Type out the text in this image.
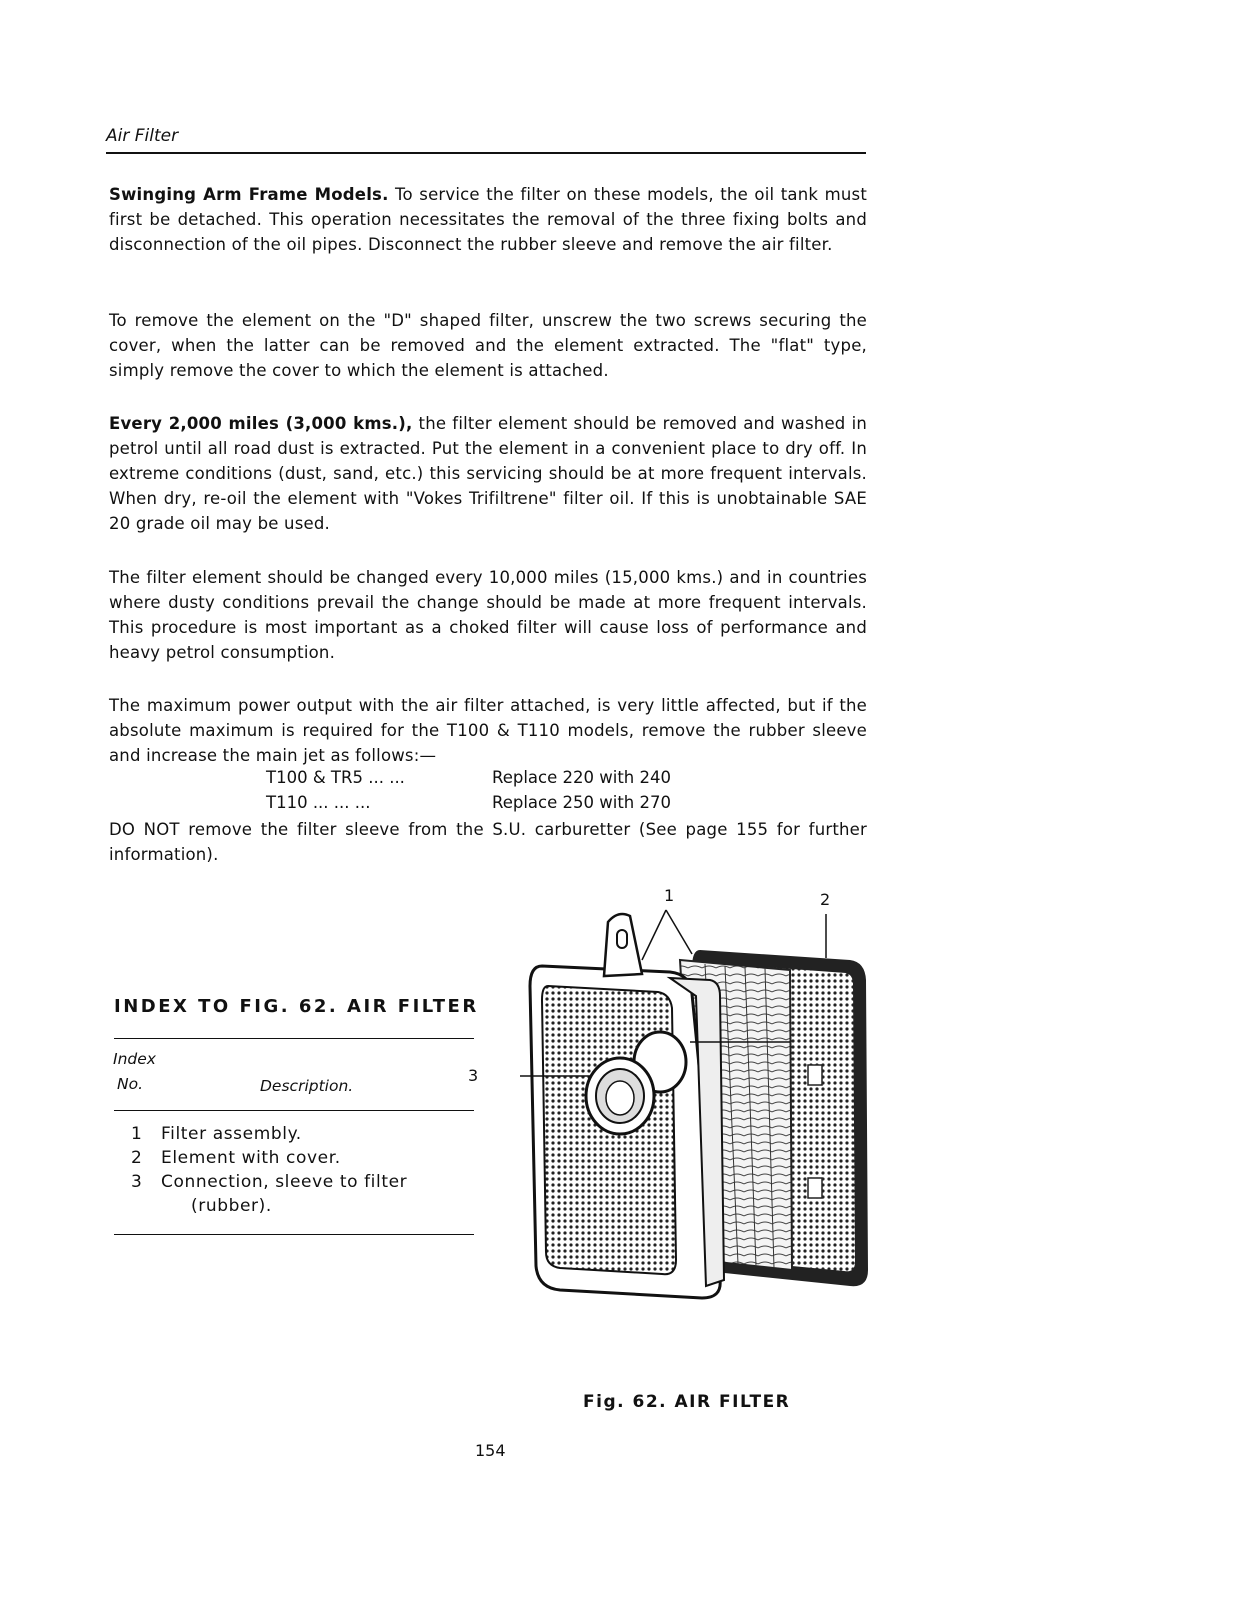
Air Filter
Swinging Arm Frame Models. To service the filter on these models, the oil tank must first be detached. This operation necessitates the removal of the three fixing bolts and disconnection of the oil pipes. Disconnect the rubber sleeve and remove the air filter.
To remove the element on the "D" shaped filter, unscrew the two screws securing the cover, when the latter can be removed and the element extracted. The "flat" type, simply remove the cover to which the element is attached.
Every 2,000 miles (3,000 kms.), the filter element should be removed and washed in petrol until all road dust is extracted. Put the element in a convenient place to dry off. In extreme conditions (dust, sand, etc.) this servicing should be at more frequent intervals. When dry, re-oil the element with "Vokes Trifiltrene" filter oil. If this is unobtainable SAE 20 grade oil may be used.
The filter element should be changed every 10,000 miles (15,000 kms.) and in countries where dusty conditions prevail the change should be made at more frequent intervals. This procedure is most important as a choked filter will cause loss of performance and heavy petrol consumption.
The maximum power output with the air filter attached, is very little affected, but if the absolute maximum is required for the T100 & T110 models, remove the rubber sleeve and increase the main jet as follows:—
T100 & TR5 ... ...	Replace 220 with 240
T110 ... ... ...	Replace 250 with 270
DO NOT remove the filter sleeve from the S.U. carburetter (See page 155 for further information).
INDEX TO FIG. 62. AIR FILTER
Index
No.	Description.
1 Filter assembly.
2 Element with cover.
3 Connection, sleeve to filter
(rubber).
1	2
3
Fig. 62. AIR FILTER
154
